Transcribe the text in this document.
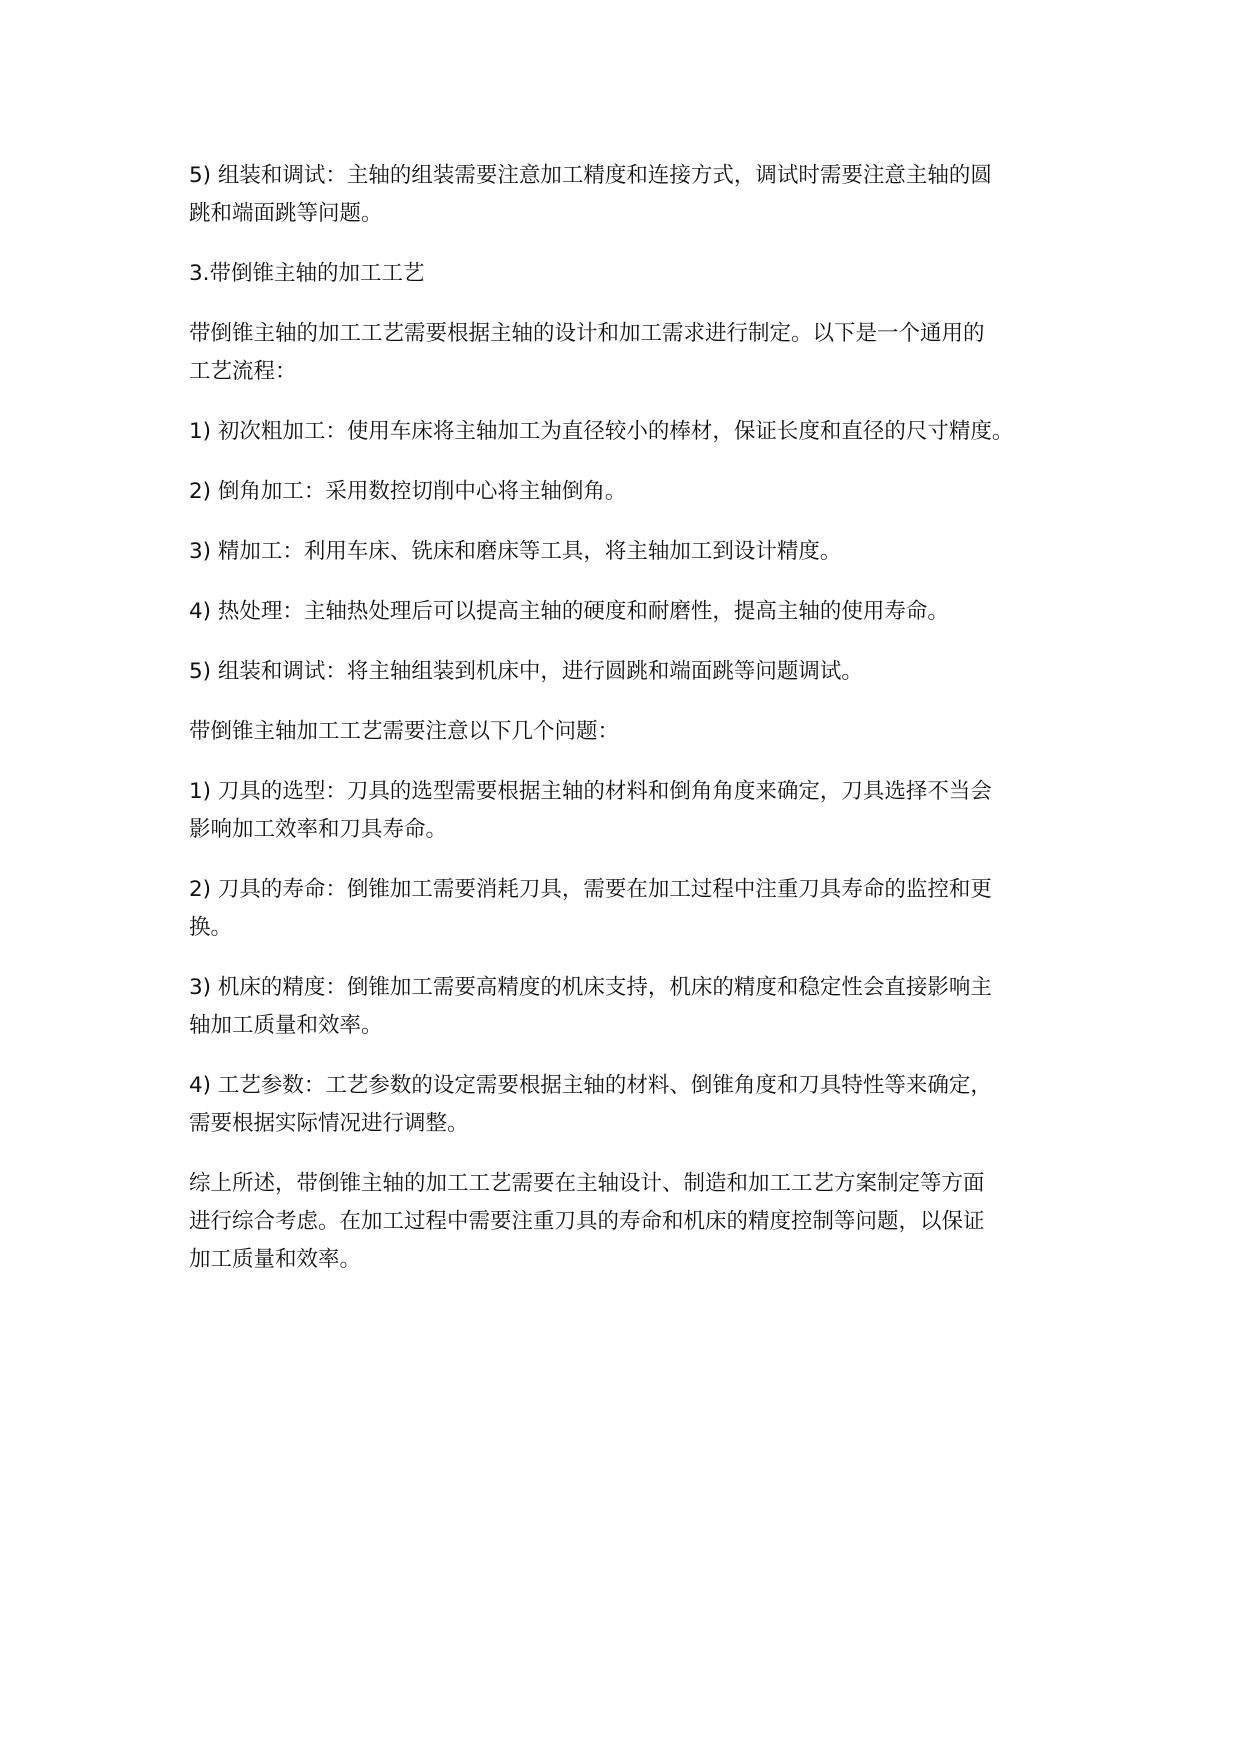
5) 组装和调试：主轴的组装需要注意加工精度和连接方式，调试时需要注意主轴的圆
跳和端面跳等问题。

3.带倒锥主轴的加工工艺

带倒锥主轴的加工工艺需要根据主轴的设计和加工需求进行制定。以下是一个通用的
工艺流程：

1) 初次粗加工：使用车床将主轴加工为直径较小的棒材，保证长度和直径的尺寸精度。

2) 倒角加工：采用数控切削中心将主轴倒角。

3) 精加工：利用车床、铣床和磨床等工具，将主轴加工到设计精度。

4) 热处理：主轴热处理后可以提高主轴的硬度和耐磨性，提高主轴的使用寿命。

5) 组装和调试：将主轴组装到机床中，进行圆跳和端面跳等问题调试。

带倒锥主轴加工工艺需要注意以下几个问题：

1) 刀具的选型：刀具的选型需要根据主轴的材料和倒角角度来确定，刀具选择不当会
影响加工效率和刀具寿命。

2) 刀具的寿命：倒锥加工需要消耗刀具，需要在加工过程中注重刀具寿命的监控和更
换。

3) 机床的精度：倒锥加工需要高精度的机床支持，机床的精度和稳定性会直接影响主
轴加工质量和效率。

4) 工艺参数：工艺参数的设定需要根据主轴的材料、倒锥角度和刀具特性等来确定，
需要根据实际情况进行调整。

综上所述，带倒锥主轴的加工工艺需要在主轴设计、制造和加工工艺方案制定等方面
进行综合考虑。在加工过程中需要注重刀具的寿命和机床的精度控制等问题，以保证
加工质量和效率。
